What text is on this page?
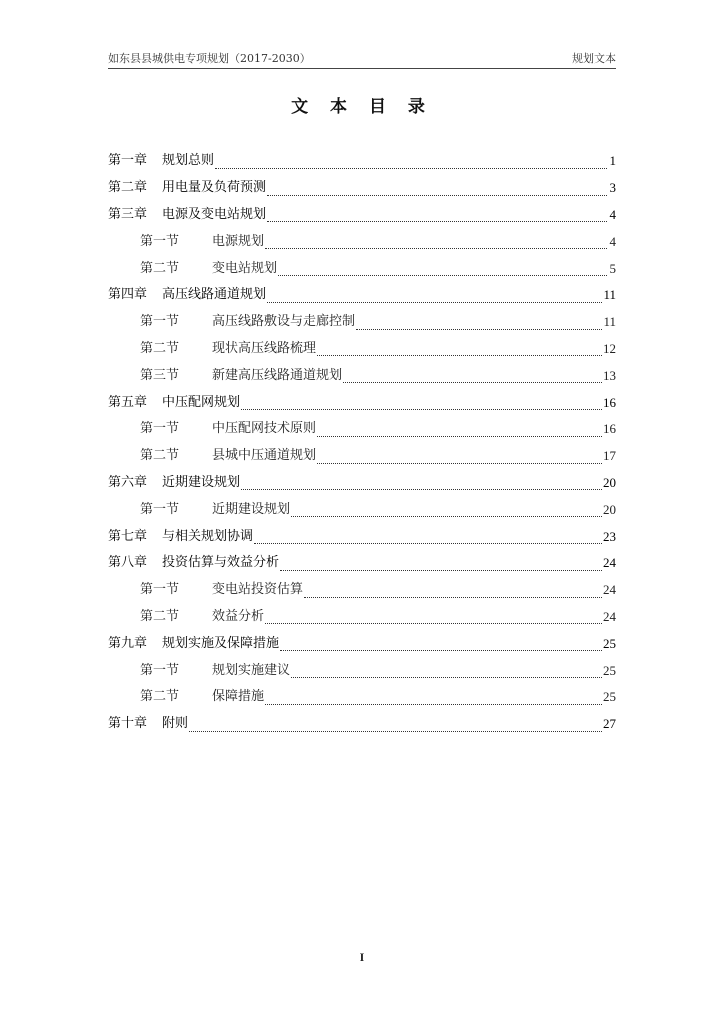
如东县县城供电专项规划（2017-2030）	规划文本
文 本 目 录
第一章 规划总则	1
第二章 用电量及负荷预测	3
第三章 电源及变电站规划	4
第一节	电源规划	4
第二节	变电站规划	5
第四章 高压线路通道规划	11
第一节	高压线路敷设与走廊控制	11
第二节	现状高压线路梳理	12
第三节	新建高压线路通道规划	13
第五章 中压配网规划	16
第一节	中压配网技术原则	16
第二节	县城中压通道规划	17
第六章 近期建设规划	20
第一节	近期建设规划	20
第七章 与相关规划协调	23
第八章 投资估算与效益分析	24
第一节	变电站投资估算	24
第二节	效益分析	24
第九章 规划实施及保障措施	25
第一节	规划实施建议	25
第二节	保障措施	25
第十章 附则	27
I
